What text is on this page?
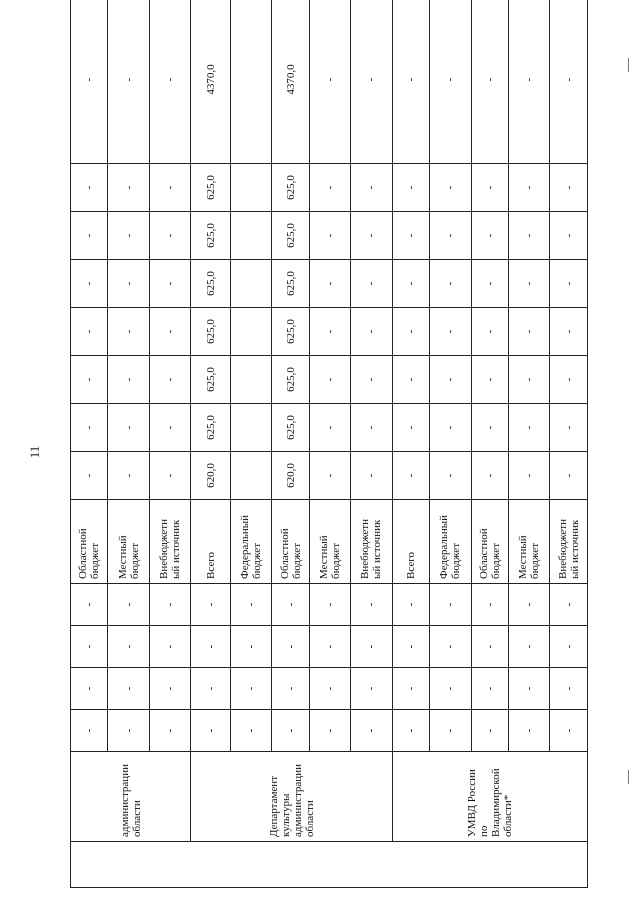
11
	администрации области	-	-	-	-	Областной бюджет	-	-	-	-	-	-	-	-
		-	-	-	-	Местный бюджет	-	-	-	-	-	-	-	-
		-	-	-	-	Внебюджетн ый источник	-	-	-	-	-	-	-	-
	Департамент культуры администрации области	-	-	-	-	Всего	620,0	625,0	625,0	625,0	625,0	625,0	625,0	4370,0
		-	-	-	-	Федеральный бюджет								
		-	-	-	-	Областной бюджет	620,0	625,0	625,0	625,0	625,0	625,0	625,0	4370,0
		-	-	-	-	Местный бюджет	-	-	-	-	-	-	-	-
		-	-	-	-	Внебюджетн ый источник	-	-	-	-	-	-	-	-
	УМВД России по Владимирской области*	-	-	-	-	Всего	-	-	-	-	-	-	-	-
		-	-	-	-	Федеральный бюджет	-	-	-	-	-	-	-	-
		-	-	-	-	Областной бюджет	-	-	-	-	-	-	-	-
		-	-	-	-	Местный бюджет	-	-	-	-	-	-	-	-
		-	-	-	-	Внебюджетн ый источник	-	-	-	-	-	-	-	-
